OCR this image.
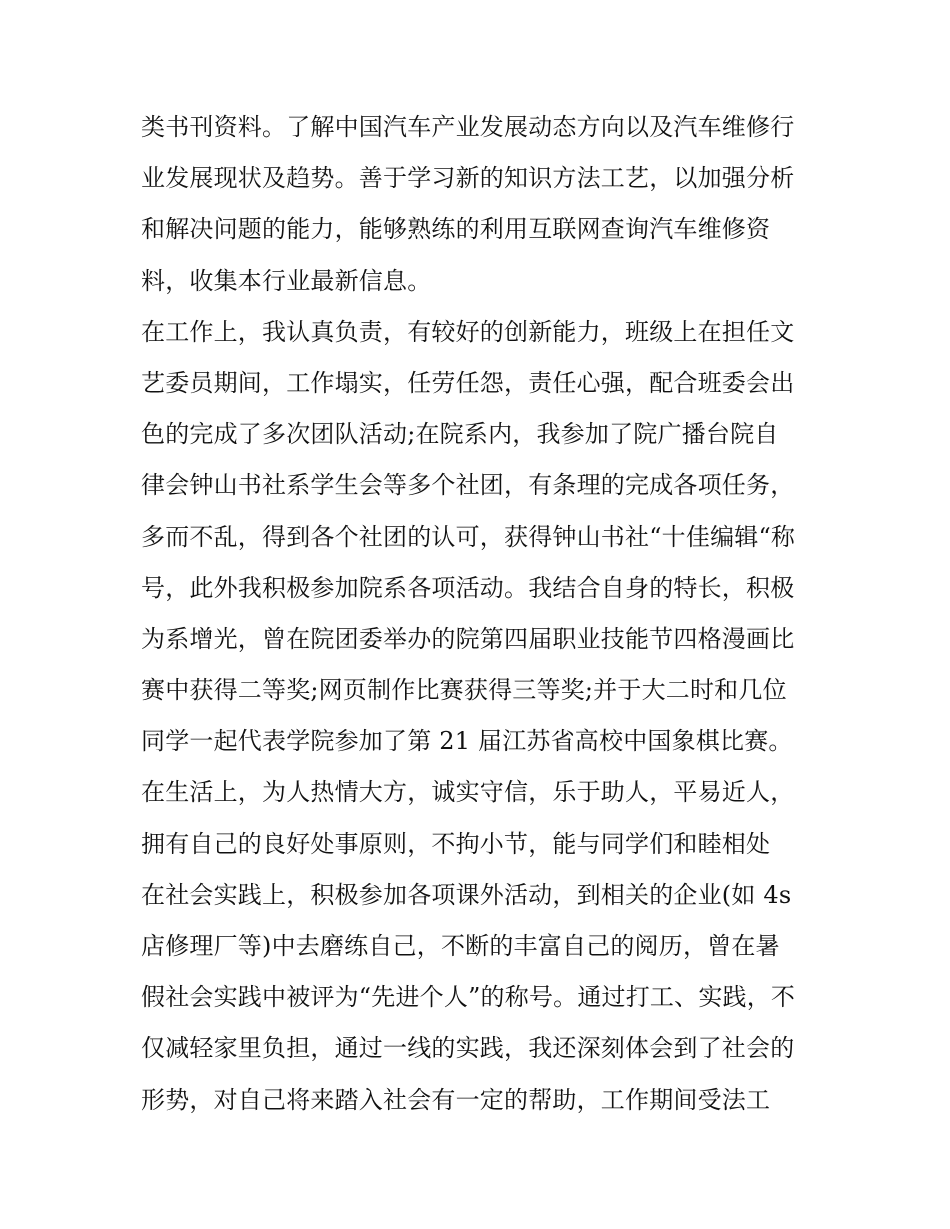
类书刊资料。了解中国汽车产业发展动态方向以及汽车维修行
业发展现状及趋势。善于学习新的知识方法工艺，以加强分析
和解决问题的能力，能够熟练的利用互联网查询汽车维修资
料，收集本行业最新信息。
在工作上，我认真负责，有较好的创新能力，班级上在担任文
艺委员期间，工作塌实，任劳任怨，责任心强，配合班委会出
色的完成了多次团队活动;在院系内，我参加了院广播台院自
律会钟山书社系学生会等多个社团，有条理的完成各项任务，
多而不乱，得到各个社团的认可，获得钟山书社“十佳编辑“称
号，此外我积极参加院系各项活动。我结合自身的特长，积极
为系增光，曾在院团委举办的院第四届职业技能节四格漫画比
赛中获得二等奖;网页制作比赛获得三等奖;并于大二时和几位
同学一起代表学院参加了第 21 届江苏省高校中国象棋比赛。
在生活上，为人热情大方，诚实守信，乐于助人，平易近人，
拥有自己的良好处事原则，不拘小节，能与同学们和睦相处
在社会实践上，积极参加各项课外活动，到相关的企业(如 4s
店修理厂等)中去磨练自己，不断的丰富自己的阅历，曾在暑
假社会实践中被评为“先进个人”的称号。通过打工、实践，不
仅减轻家里负担，通过一线的实践，我还深刻体会到了社会的
形势，对自己将来踏入社会有一定的帮助，工作期间受法工
